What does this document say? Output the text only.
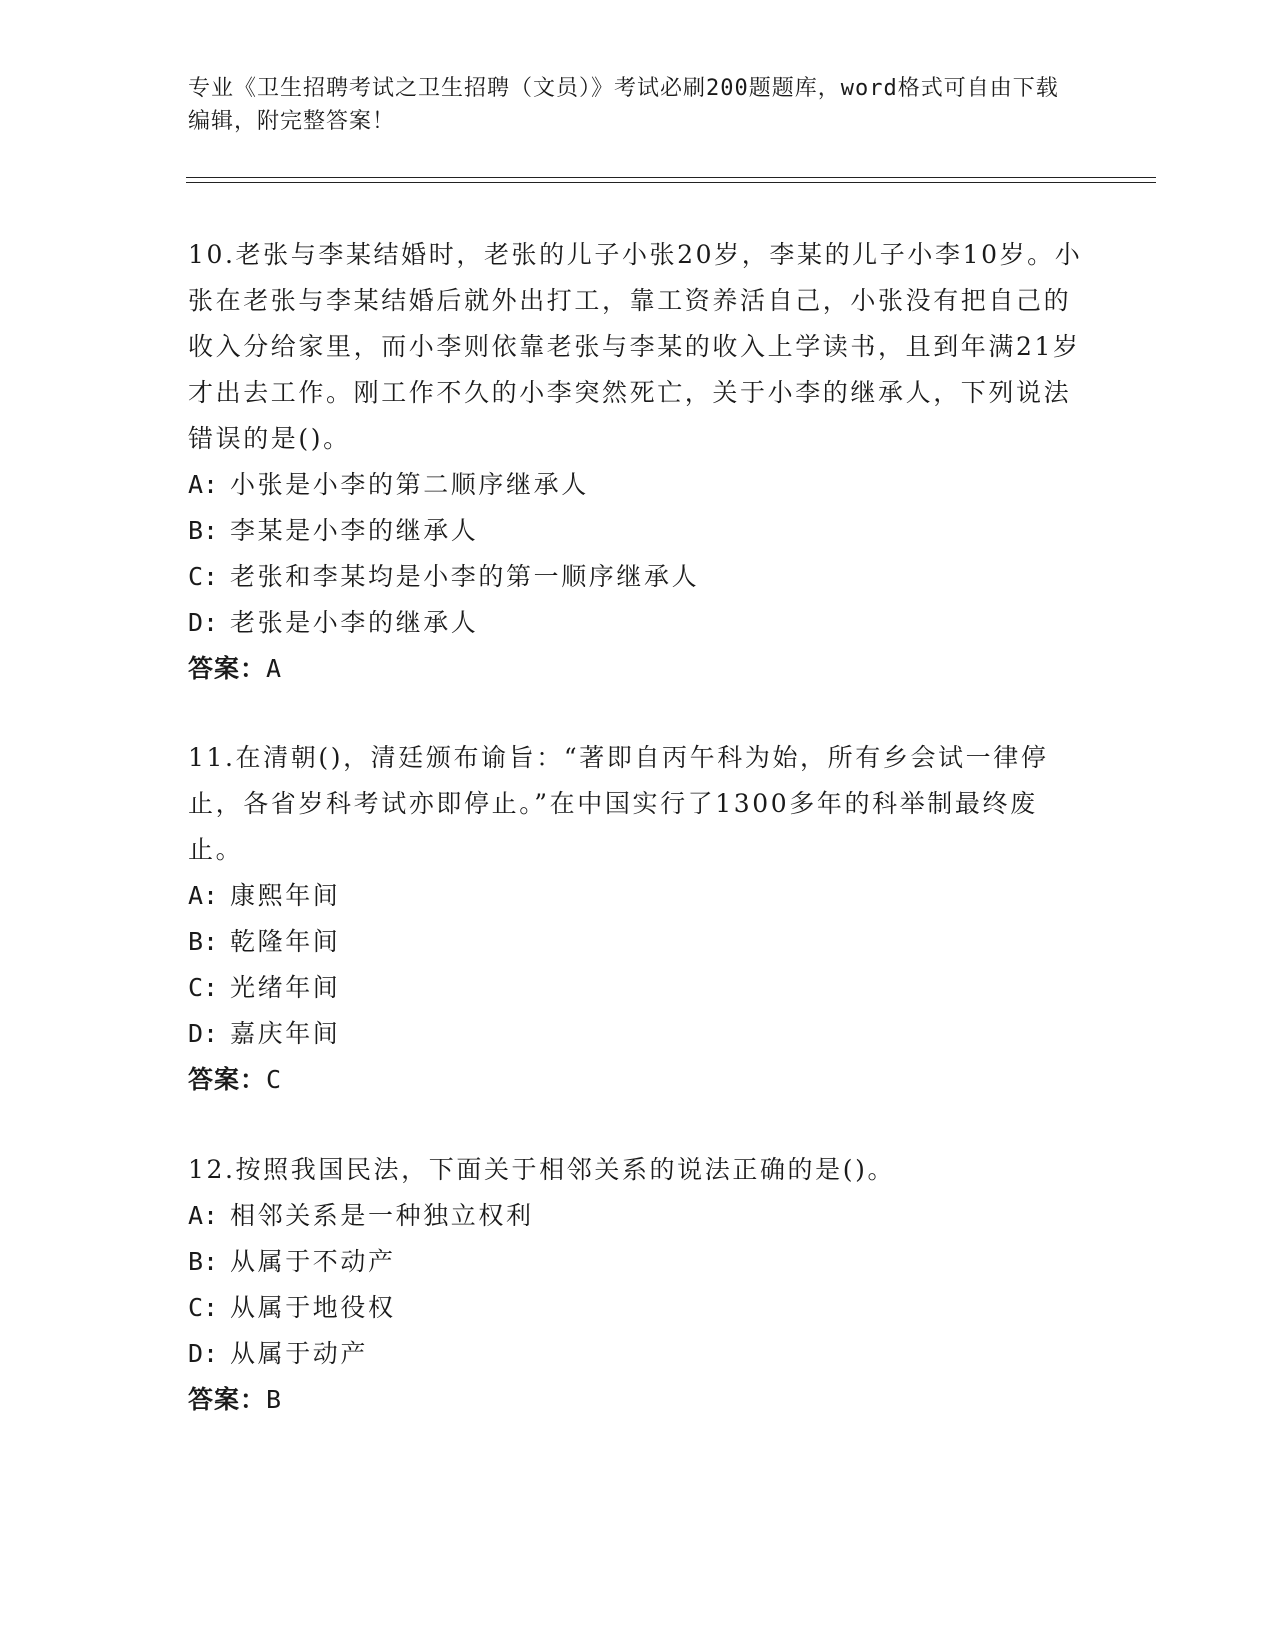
专业《卫生招聘考试之卫生招聘（文员）》考试必刷200题题库，word格式可自由下载编辑，附完整答案！

10.老张与李某结婚时，老张的儿子小张20岁，李某的儿子小李10岁。小张在老张与李某结婚后就外出打工，靠工资养活自己，小张没有把自己的收入分给家里，而小李则依靠老张与李某的收入上学读书，且到年满21岁才出去工作。刚工作不久的小李突然死亡，关于小李的继承人，下列说法错误的是()。

A: 小张是小李的第二顺序继承人

B: 李某是小李的继承人

C: 老张和李某均是小李的第一顺序继承人

D: 老张是小李的继承人

答案：A

11.在清朝()，清廷颁布谕旨：“著即自丙午科为始，所有乡会试一律停止，各省岁科考试亦即停止。”在中国实行了1300多年的科举制最终废止。

A: 康熙年间

B: 乾隆年间

C: 光绪年间

D: 嘉庆年间

答案：C

12.按照我国民法，下面关于相邻关系的说法正确的是()。

A: 相邻关系是一种独立权利

B: 从属于不动产

C: 从属于地役权

D: 从属于动产

答案：B
